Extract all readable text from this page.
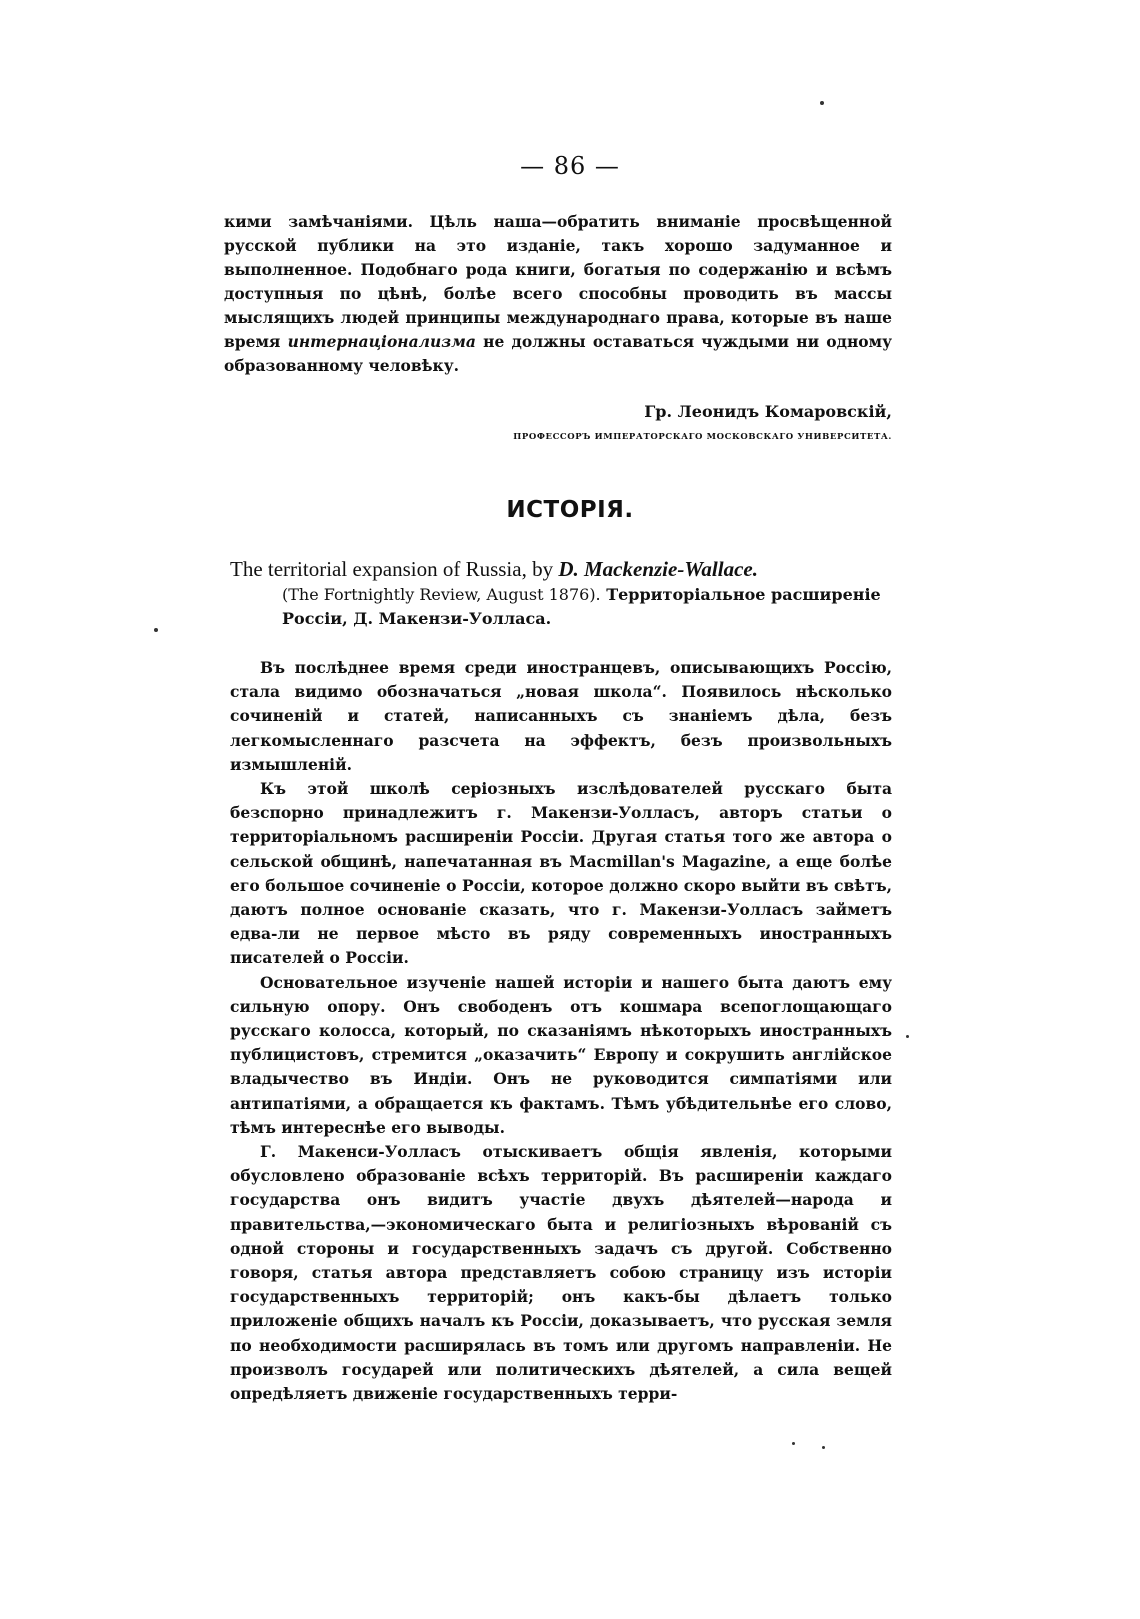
— 86 —
кими замѣчаніями. Цѣль наша—обратить вниманіе просвѣщенной русской публики на это изданіе, такъ хорошо задуманное и выполненное. Подобнаго рода книги, богатыя по содержанію и всѣмъ доступныя по цѣнѣ, болѣе всего способны проводить въ массы мыслящихъ людей принципы международнаго права, которые въ наше время интернаціонализма не должны оставаться чуждыми ни одному образованному человѣку.
Гр. Леонидъ Комаровскій,
ПРОФЕССОРЪ ИМПЕРАТОРСКАГО МОСКОВСКАГО УНИВЕРСИТЕТА.
ИСТОРІЯ.
The territorial expansion of Russia, by D. Mackenzie-Wallace.
(The Fortnightly Review, August 1876). Территоріальное расширеніе Россіи, Д. Макензи-Уолласа.

Въ послѣднее время среди иностранцевъ, описывающихъ Россію, стала видимо обозначаться „новая школа“. Появилось нѣсколько сочиненій и статей, написанныхъ съ знаніемъ дѣла, безъ легкомысленнаго разсчета на эффектъ, безъ произвольныхъ измышленій.

Къ этой школѣ серіозныхъ изслѣдователей русскаго быта безспорно принадлежитъ г. Макензи-Уолласъ, авторъ статьи о территоріальномъ расширеніи Россіи. Другая статья того же автора о сельской общинѣ, напечатанная въ Macmillan's Magazine, а еще болѣе его большое сочиненіе о Россіи, которое должно скоро выйти въ свѣтъ, даютъ полное основаніе сказать, что г. Макензи-Уолласъ займетъ едва-ли не первое мѣсто въ ряду современныхъ иностранныхъ писателей о Россіи.

Основательное изученіе нашей исторіи и нашего быта даютъ ему сильную опору. Онъ свободенъ отъ кошмара всепоглощающаго русскаго колосса, который, по сказаніямъ нѣкоторыхъ иностранныхъ публицистовъ, стремится „оказачить“ Европу и сокрушить англійское владычество въ Индіи. Онъ не руководится симпатіями или антипатіями, а обращается къ фактамъ. Тѣмъ убѣдительнѣе его слово, тѣмъ интереснѣе его выводы.

Г. Макенси-Уолласъ отыскиваетъ общія явленія, которыми обусловлено образованіе всѣхъ территорій. Въ расширеніи каждаго государства онъ видитъ участіе двухъ дѣятелей—народа и правительства,—экономическаго быта и религіозныхъ вѣрованій съ одной стороны и государственныхъ задачъ съ другой. Собственно говоря, статья автора представляетъ собою страницу изъ исторіи государственныхъ территорій; онъ какъ-бы дѣлаетъ только приложеніе общихъ началъ къ Россіи, доказываетъ, что русская земля по необходимости расширялась въ томъ или другомъ направленіи. Не произволъ государей или политическихъ дѣятелей, а сила вещей опредѣляетъ движеніе государственныхъ терри-
